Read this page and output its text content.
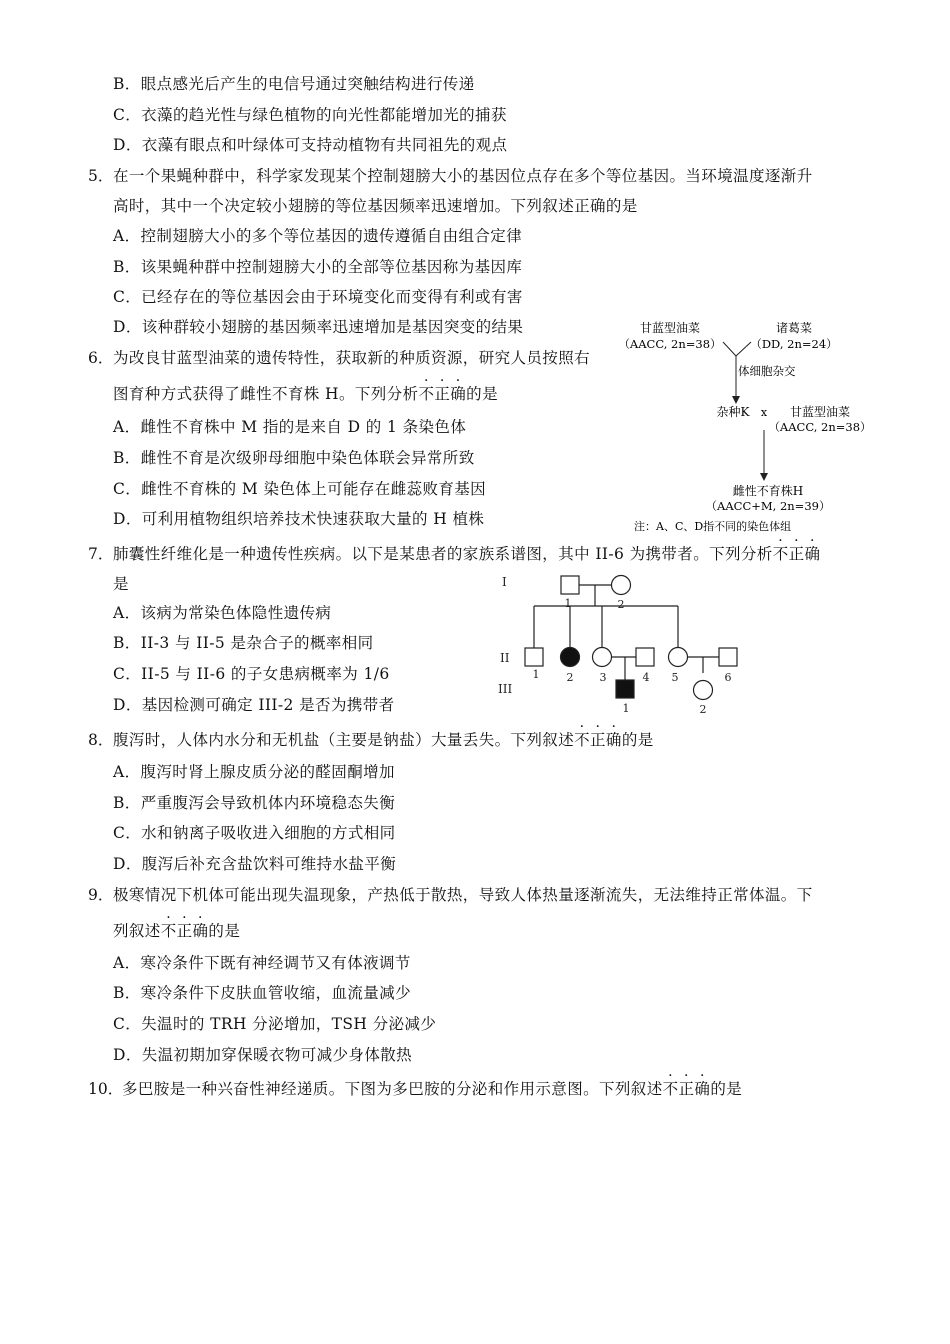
B．眼点感光后产生的电信号通过突触结构进行传递
C．衣藻的趋光性与绿色植物的向光性都能增加光的捕获
D．衣藻有眼点和叶绿体可支持动植物有共同祖先的观点
5． 在一个果蝇种群中，科学家发现某个控制翅膀大小的基因位点存在多个等位基因。当环境温度逐渐升
高时，其中一个决定较小翅膀的等位基因频率迅速增加。下列叙述正确的是
A．控制翅膀大小的多个等位基因的遗传遵循自由组合定律
B．该果蝇种群中控制翅膀大小的全部等位基因称为基因库
C．已经存在的等位基因会由于环境变化而变得有利或有害
D．该种群较小翅膀的基因频率迅速增加是基因突变的结果
6． 为改良甘蓝型油菜的遗传特性，获取新的种质资源，研究人员按照右
图育种方式获得了雌性不育株 H。下列分析不正确的是
A．雌性不育株中 M 指的是来自 D 的 1 条染色体
B．雌性不育是次级卵母细胞中染色体联会异常所致
C．雌性不育株的 M 染色体上可能存在雌蕊败育基因
D．可利用植物组织培养技术快速获取大量的 H 植株
甘蓝型油菜
（AACC, 2n=38）
诸葛菜
（DD, 2n=24）
体细胞杂交
杂种K x 甘蓝型油菜
（AACC, 2n=38）
雌性不育株H
（AACC+M, 2n=39）
注：A、C、D指不同的染色体组
7． 肺囊性纤维化是一种遗传性疾病。以下是某患者的家族系谱图，其中 II-6 为携带者。下列分析不正确
是
A．该病为常染色体隐性遗传病
B．II-3 与 II-5 是杂合子的概率相同
C．II-5 与 II-6 的子女患病概率为 1/6
D．基因检测可确定 III-2 是否为携带者
I
II
III
1	2
1 2 3	4 5	6
1	2
8． 腹泻时，人体内水分和无机盐（主要是钠盐）大量丢失。下列叙述不正确的是
A．腹泻时肾上腺皮质分泌的醛固酮增加
B．严重腹泻会导致机体内环境稳态失衡
C．水和钠离子吸收进入细胞的方式相同
D．腹泻后补充含盐饮料可维持水盐平衡
9． 极寒情况下机体可能出现失温现象，产热低于散热，导致人体热量逐渐流失，无法维持正常体温。下
列叙述不正确的是
A．寒冷条件下既有神经调节又有体液调节
B．寒冷条件下皮肤血管收缩，血流量减少
C．失温时的 TRH 分泌增加，TSH 分泌减少
D．失温初期加穿保暖衣物可减少身体散热
10．
多巴胺是一种兴奋性神经递质。下图为多巴胺的分泌和作用示意图。下列叙述不正确的是
